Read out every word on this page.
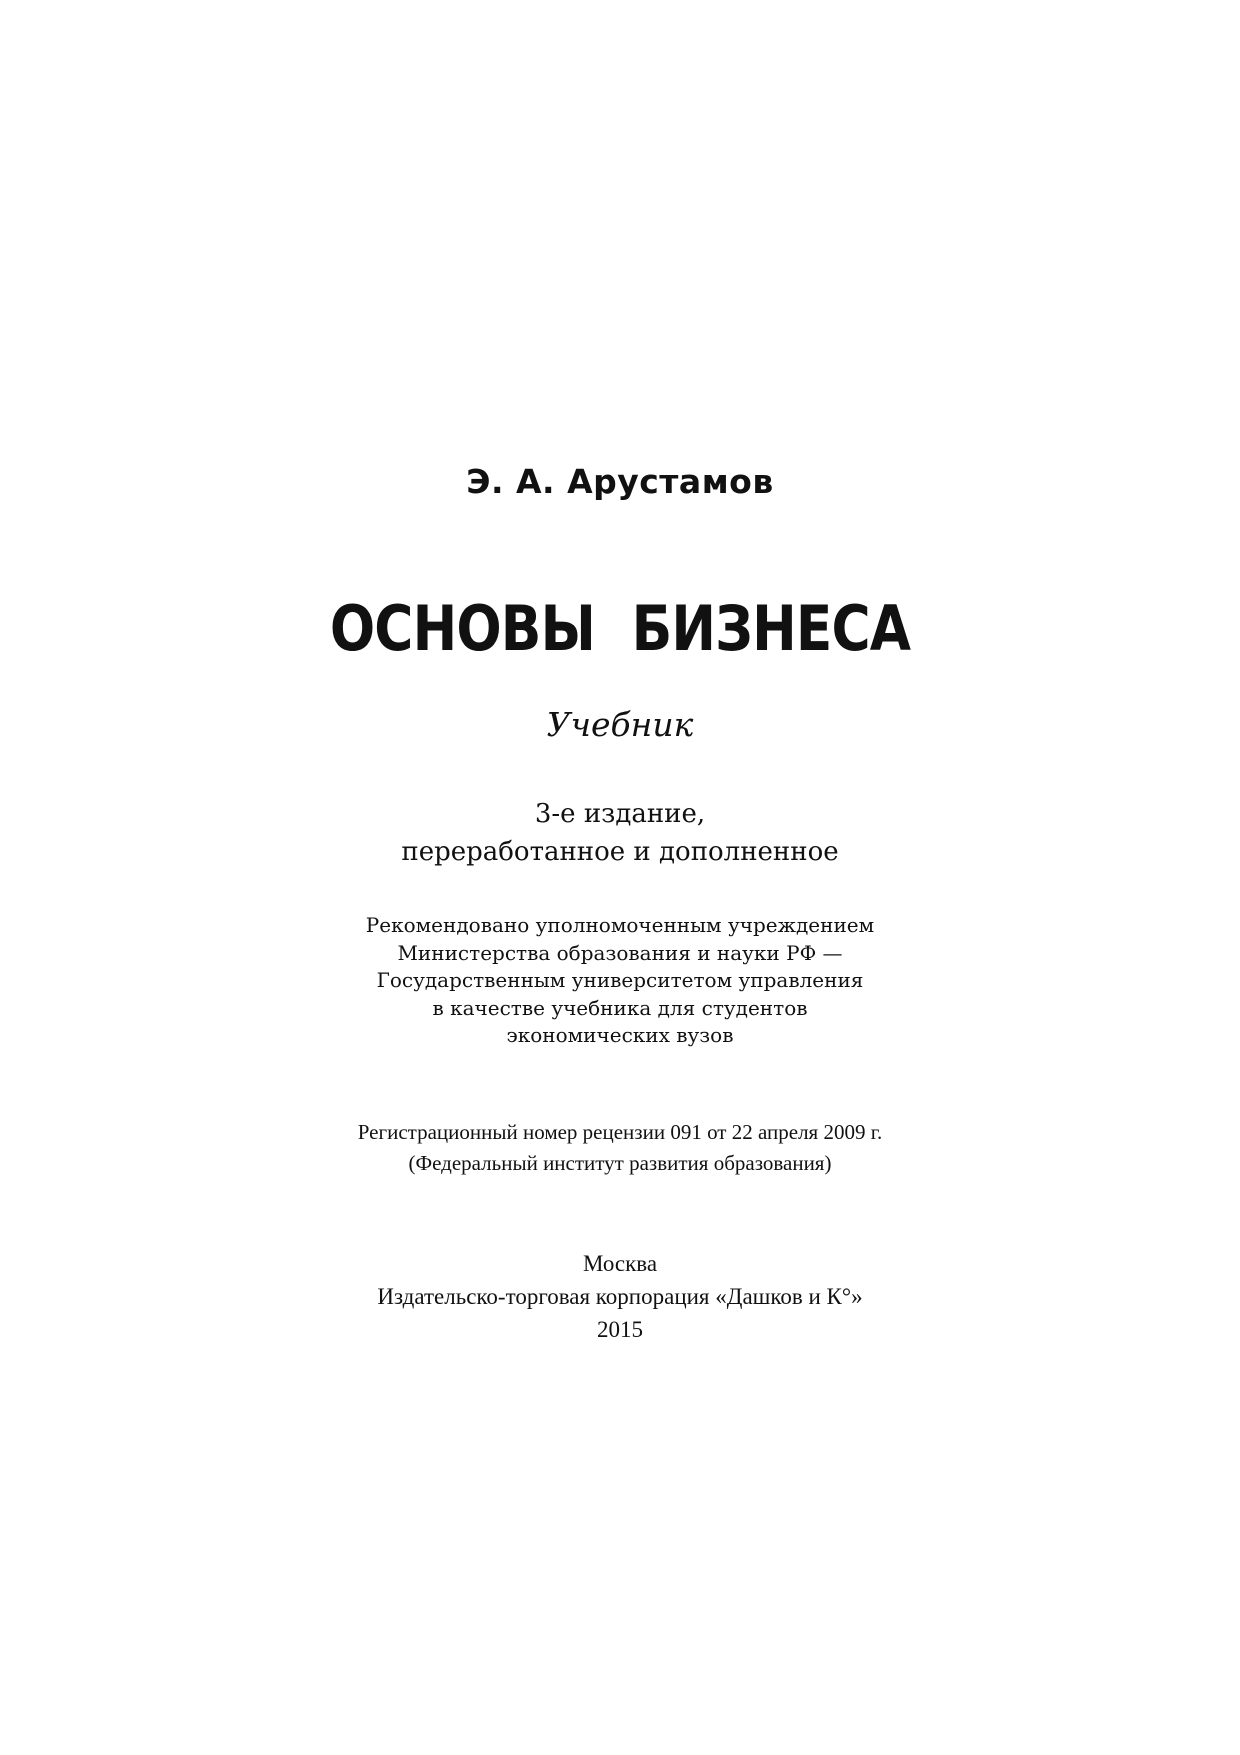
Э. А. Арустамов
ОСНОВЫ БИЗНЕСА
Учебник
3-е издание,
переработанное и дополненное
Рекомендовано уполномоченным учреждением
Министерства образования и науки РФ —
Государственным университетом управления
в качестве учебника для студентов
экономических вузов
Регистрационный номер рецензии 091 от 22 апреля 2009 г.
(Федеральный институт развития образования)
Москва
Издательско-торговая корпорация «Дашков и К°»
2015
